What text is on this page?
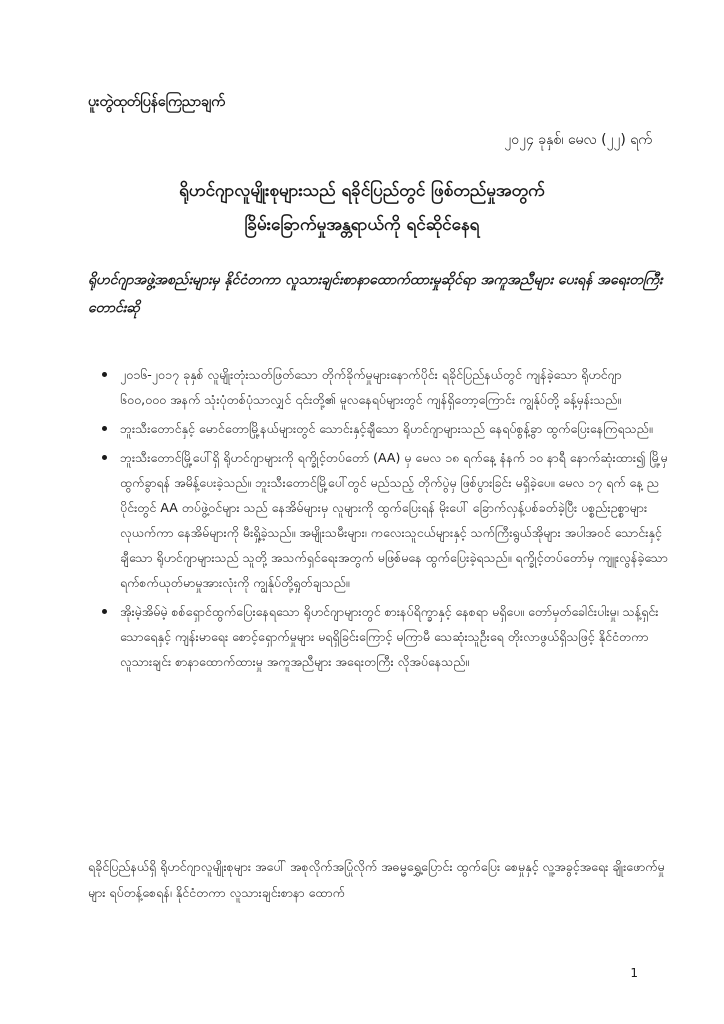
ပူးတွဲထုတ်ပြန်ကြေညာချက်
၂၀၂၄ ခုနှစ်၊ မေလ (၂၂) ရက်
ရိုဟင်ဂျာလူမျိုးစုများသည် ရခိုင်ပြည်တွင် ဖြစ်တည်မှုအတွက်
ခြိမ်းခြောက်မှုအန္တရာယ်ကို ရင်ဆိုင်နေရ
ရိုဟင်ဂျာအဖွဲ့အစည်းများမှ နိုင်ငံတကာ လူသားချင်းစာနာထောက်ထားမှုဆိုင်ရာ အကူအညီများ ပေးရန် အရေးတကြီး တောင်းဆို
၂၀၁၆-၂၀၁၇ ခုနှစ် လူမျိုးတုံးသတ်ဖြတ်သော တိုက်ခိုက်မှုများနောက်ပိုင်း ရခိုင်ပြည်နယ်တွင် ကျန်ခဲ့သော ရိုဟင်ဂျာ ၆၀၀,၀၀၀ အနက် သုံးပုံတစ်ပုံသာလျှင် ၎င်းတို့၏ မူလနေရပ်များတွင် ကျန်ရှိတော့ကြောင်း ကျွန်ုပ်တို့ ခန့်မှန်းသည်။
ဘူးသီးတောင်နှင့် မောင်တောမြို့နယ်များတွင် သောင်းနှင့်ချီသော ရိုဟင်ဂျာများသည် နေရပ်စွန့်ခွာ ထွက်ပြေးနေကြရသည်။
ဘူးသီးတောင်မြို့ပေါ်ရှိ ရိုဟင်ဂျာများကို ရက္ခိုင့်တပ်တော် (AA) မှ မေလ ၁၈ ရက်နေ့ နံနက် ၁၀ နာရီ နောက်ဆုံးထား၍ မြို့မှ ထွက်ခွာရန် အမိန့်ပေးခဲ့သည်။ ဘူးသီးတောင်မြို့ပေါ်တွင် မည်သည့် တိုက်ပွဲမှ ဖြစ်ပွားခြင်း မရှိခဲ့ပေ။ မေလ ၁၇ ရက် နေ့ ညပိုင်းတွင် AA တပ်ဖွဲ့ဝင်များ သည် နေအိမ်များမှ လူများကို ထွက်ပြေးရန် မိုးပေါ် ခြောက်လှန့်ပစ်ခတ်ခဲ့ပြီး ပစ္စည်းဥစ္စာများ လုယက်ကာ နေအိမ်များကို မီးရှို့ခဲ့သည်။ အမျိုးသမီးများ၊ ကလေးသူငယ်များနှင့် သက်ကြီးရွယ်အိုများ အပါအဝင် သောင်းနှင့်ချီသော ရိုဟင်ဂျာများသည် သူတို့ အသက်ရှင်ရေးအတွက် မဖြစ်မနေ ထွက်ပြေးခဲ့ရသည်။ ရက္ခိုင့်တပ်တော်မှ ကျူးလွန်ခဲ့သော ရက်စက်ယုတ်မာမှုအားလုံးကို ကျွန်ုပ်တို့ရှုတ်ချသည်။
အိုးမဲ့အိမ်မဲ့ စစ်ရှောင်ထွက်ပြေးနေရသော ရိုဟင်ဂျာများတွင် စားနပ်ရိက္ခာနှင့် နေစရာ မရှိပေ။ တော်မှတ်ခေါင်းပါးမှု၊ သန့်ရှင်းသောရေနှင့် ကျန်းမာရေး စောင့်ရှောက်မှုများ မရရှိခြင်းကြောင့် မကြာမီ သေဆုံးသူဦးရေ တိုးလာဖွယ်ရှိသဖြင့် နိုင်ငံတကာ လူသားချင်း စာနာထောက်ထားမှု အကူအညီများ အရေးတကြီး လိုအပ်နေသည်။
ရခိုင်ပြည်နယ်ရှိ ရိုဟင်ဂျာလူမျိုးစုများ အပေါ် အစုလိုက်အပြုံလိုက် အဓမ္မရွှေ့ပြောင်း ထွက်ပြေး စေမှုနှင့် လူ့အခွင့်အရေး ချိုးဖောက်မှုများ ရပ်တန့်စေရန်၊ နိုင်ငံတကာ လူသားချင်းစာနာ ထောက်
1
